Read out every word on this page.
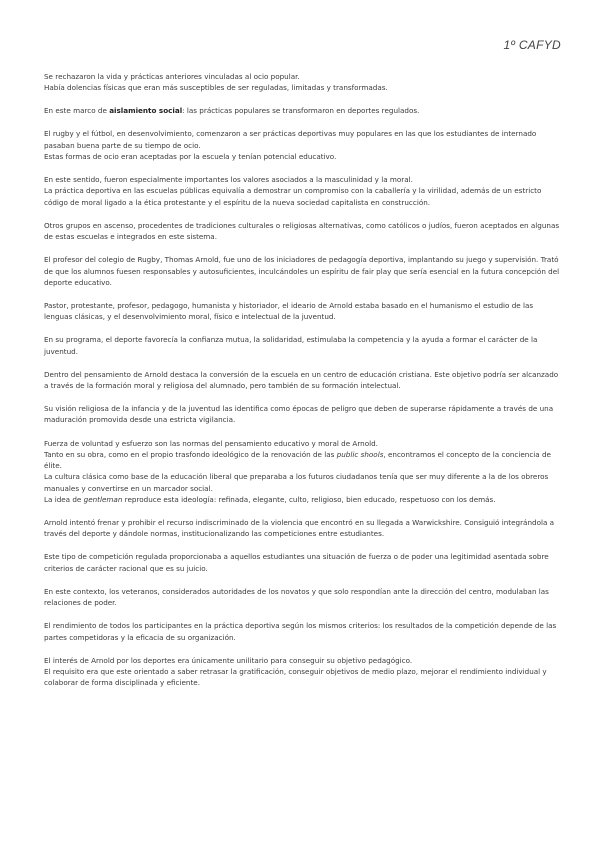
1º CAFYD

Se rechazaron la vida y prácticas anteriores vinculadas al ocio popular.
Había dolencias físicas que eran más susceptibles de ser reguladas, limitadas y transformadas.

En este marco de aislamiento social: las prácticas populares se transformaron en deportes regulados.

El rugby y el fútbol, en desenvolvimiento, comenzaron a ser prácticas deportivas muy populares en las que los estudiantes de internado pasaban buena parte de su tiempo de ocio.
Estas formas de ocio eran aceptadas por la escuela y tenían potencial educativo.

En este sentido, fueron especialmente importantes los valores asociados a la masculinidad y la moral.
La práctica deportiva en las escuelas públicas equivalía a demostrar un compromiso con la caballería y la virilidad, además de un estricto código de moral ligado a la ética protestante y el espíritu de la nueva sociedad capitalista en construcción.

Otros grupos en ascenso, procedentes de tradiciones culturales o religiosas alternativas, como católicos o judíos, fueron aceptados en algunas de estas escuelas e integrados en este sistema.

El profesor del colegio de Rugby, Thomas Arnold, fue uno de los iniciadores de pedagogía deportiva, implantando su juego y supervisión. Trató de que los alumnos fuesen responsables y autosuficientes, inculcándoles un espíritu de fair play que sería esencial en la futura concepción del deporte educativo.

Pastor, protestante, profesor, pedagogo, humanista y historiador, el ideario de Arnold estaba basado en el humanismo el estudio de las lenguas clásicas, y el desenvolvimiento moral, físico e intelectual de la juventud.

En su programa, el deporte favorecía la confianza mutua, la solidaridad, estimulaba la competencia y la ayuda a formar el carácter de la juventud.

Dentro del pensamiento de Arnold destaca la conversión de la escuela en un centro de educación cristiana. Este objetivo podría ser alcanzado a través de la formación moral y religiosa del alumnado, pero también de su formación intelectual.

Su visión religiosa de la infancia y de la juventud las identifica como épocas de peligro que deben de superarse rápidamente a través de una maduración promovida desde una estricta vigilancia.

Fuerza de voluntad y esfuerzo son las normas del pensamiento educativo y moral de Arnold.
Tanto en su obra, como en el propio trasfondo ideológico de la renovación de las public shools, encontramos el concepto de la conciencia de élite.
La cultura clásica como base de la educación liberal que preparaba a los futuros ciudadanos tenía que ser muy diferente a la de los obreros manuales y convertirse en un marcador social.
La idea de gentleman reproduce esta ideología: refinada, elegante, culto, religioso, bien educado, respetuoso con los demás.

Arnold intentó frenar y prohibir el recurso indiscriminado de la violencia que encontró en su llegada a Warwickshire. Consiguió integrándola a través del deporte y dándole normas, institucionalizando las competiciones entre estudiantes.

Este tipo de competición regulada proporcionaba a aquellos estudiantes una situación de fuerza o de poder una legitimidad asentada sobre criterios de carácter racional que es su juicio.

En este contexto, los veteranos, considerados autoridades de los novatos y que solo respondían ante la dirección del centro, modulaban las relaciones de poder.

El rendimiento de todos los participantes en la práctica deportiva según los mismos criterios: los resultados de la competición depende de las partes competidoras y la eficacia de su organización.

El interés de Arnold por los deportes era únicamente unilitario para conseguir su objetivo pedagógico.
El requisito era que este orientado a saber retrasar la gratificación, conseguir objetivos de medio plazo, mejorar el rendimiento individual y colaborar de forma disciplinada y eficiente.
